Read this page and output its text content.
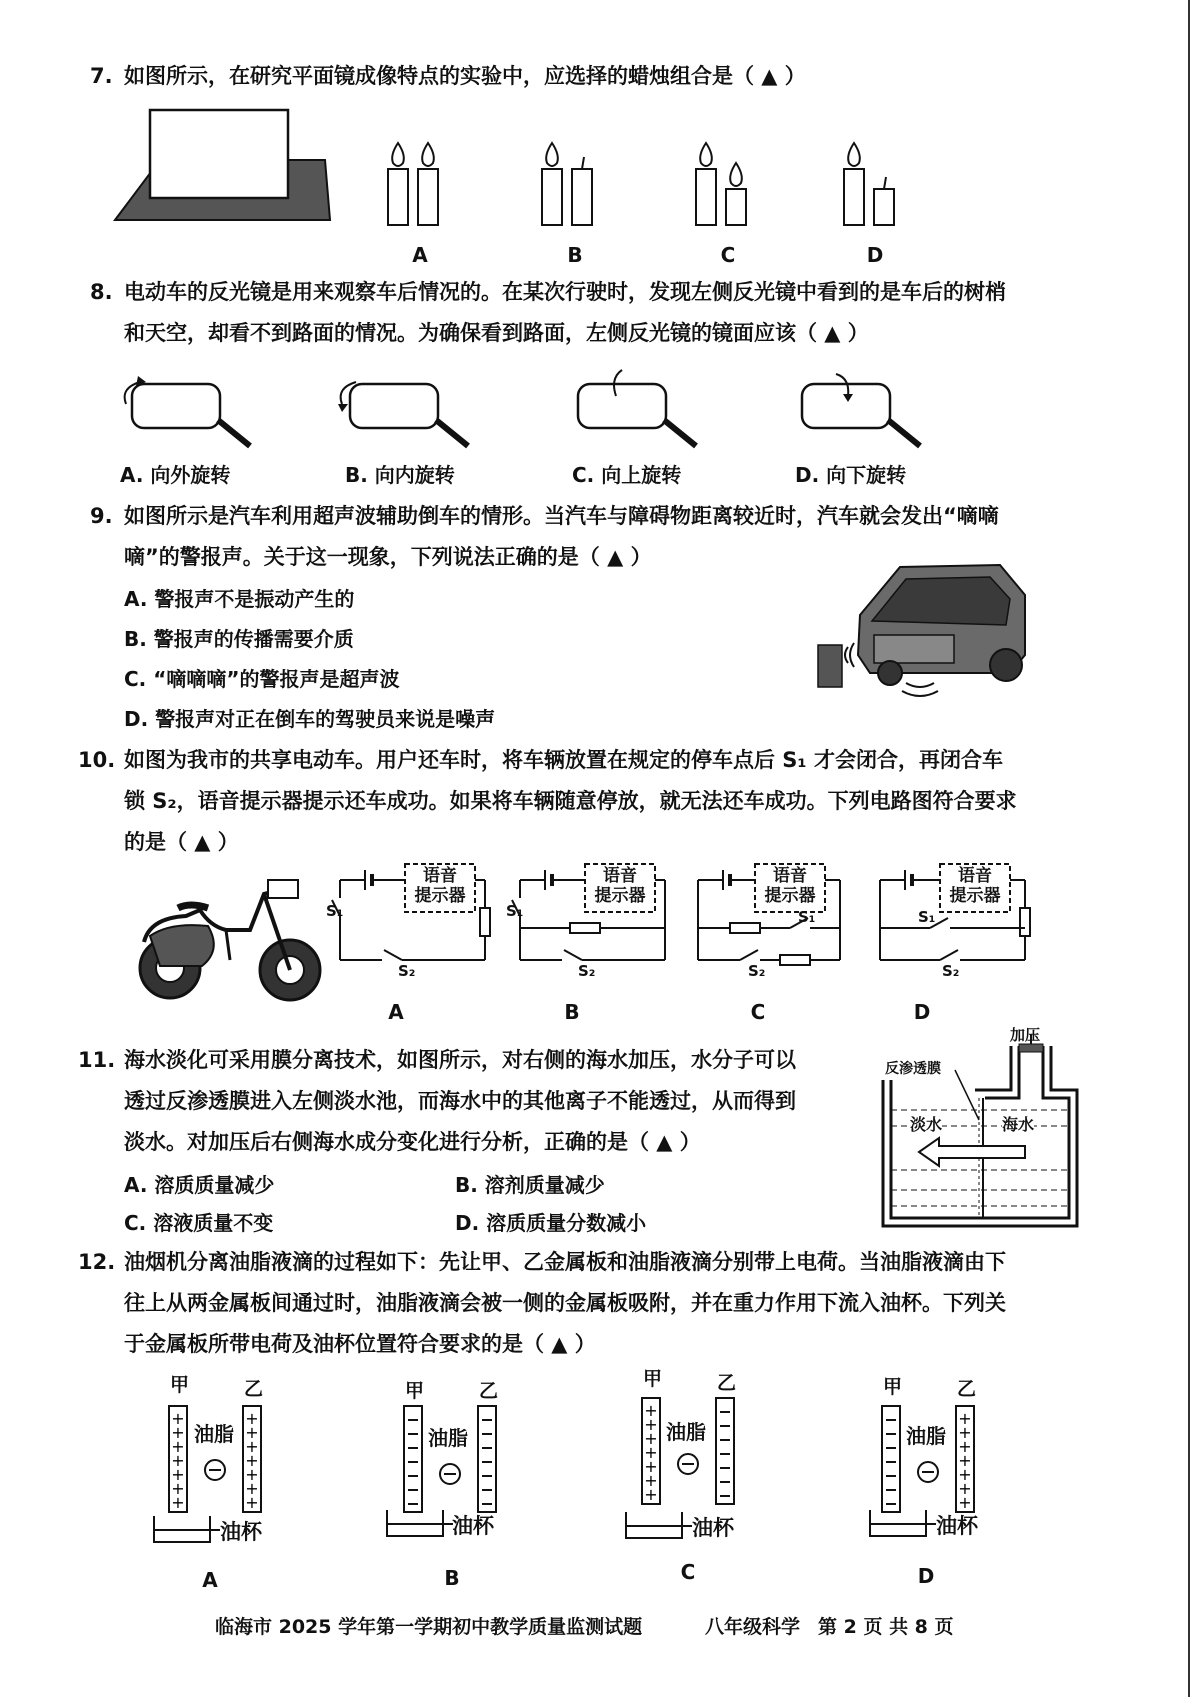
7. 如图所示，在研究平面镜成像特点的实验中，应选择的蜡烛组合是（ ▲ ）
A	B	C	D
8. 电动车的反光镜是用来观察车后情况的。在某次行驶时，发现左侧反光镜中看到的是车后的树梢
和天空，却看不到路面的情况。为确保看到路面，左侧反光镜的镜面应该（ ▲ ）
A. 向外旋转	B. 向内旋转	C. 向上旋转	D. 向下旋转
9. 如图所示是汽车利用超声波辅助倒车的情形。当汽车与障碍物距离较近时，汽车就会发出“嘀嘀
嘀”的警报声。关于这一现象，下列说法正确的是（ ▲ ）
A. 警报声不是振动产生的
B. 警报声的传播需要介质
C. “嘀嘀嘀”的警报声是超声波
D. 警报声对正在倒车的驾驶员来说是噪声
10. 如图为我市的共享电动车。用户还车时，将车辆放置在规定的停车点后 S₁ 才会闭合，再闭合车
锁 S₂，语音提示器提示还车成功。如果将车辆随意停放，就无法还车成功。下列电路图符合要求
的是（ ▲ ）
语音
提示器
语音
提示器
语音
提示器
语音
提示器
S₁
S₂
S₁
S₂
S₁
S₂
S₁
S₂
A	B	C	D
11. 海水淡化可采用膜分离技术，如图所示，对右侧的海水加压，水分子可以
透过反渗透膜进入左侧淡水池，而海水中的其他离子不能透过，从而得到
淡水。对加压后右侧海水成分变化进行分析，正确的是（ ▲ ）
A. 溶质质量减少	B. 溶剂质量减少
C. 溶液质量不变	D. 溶质质量分数减小
加压
反渗透膜
淡水	海水
12. 油烟机分离油脂液滴的过程如下：先让甲、乙金属板和油脂液滴分别带上电荷。当油脂液滴由下
往上从两金属板间通过时，油脂液滴会被一侧的金属板吸附，并在重力作用下流入油杯。下列关
于金属板所带电荷及油杯位置符合要求的是（ ▲ ）
+
+
+
+
+
+
+
+
+
+
+
+
+
+
+
+
+
+
+
+
+
+
+
+
+
+
+
+
甲	乙
油脂
甲	乙
油脂
甲	乙
油脂
甲	乙
油脂
油杯	油杯	油杯	油杯
A	B	C	D
临海市 2025 学年第一学期初中教学质量监测试题	八年级科学 第 2 页 共 8 页
